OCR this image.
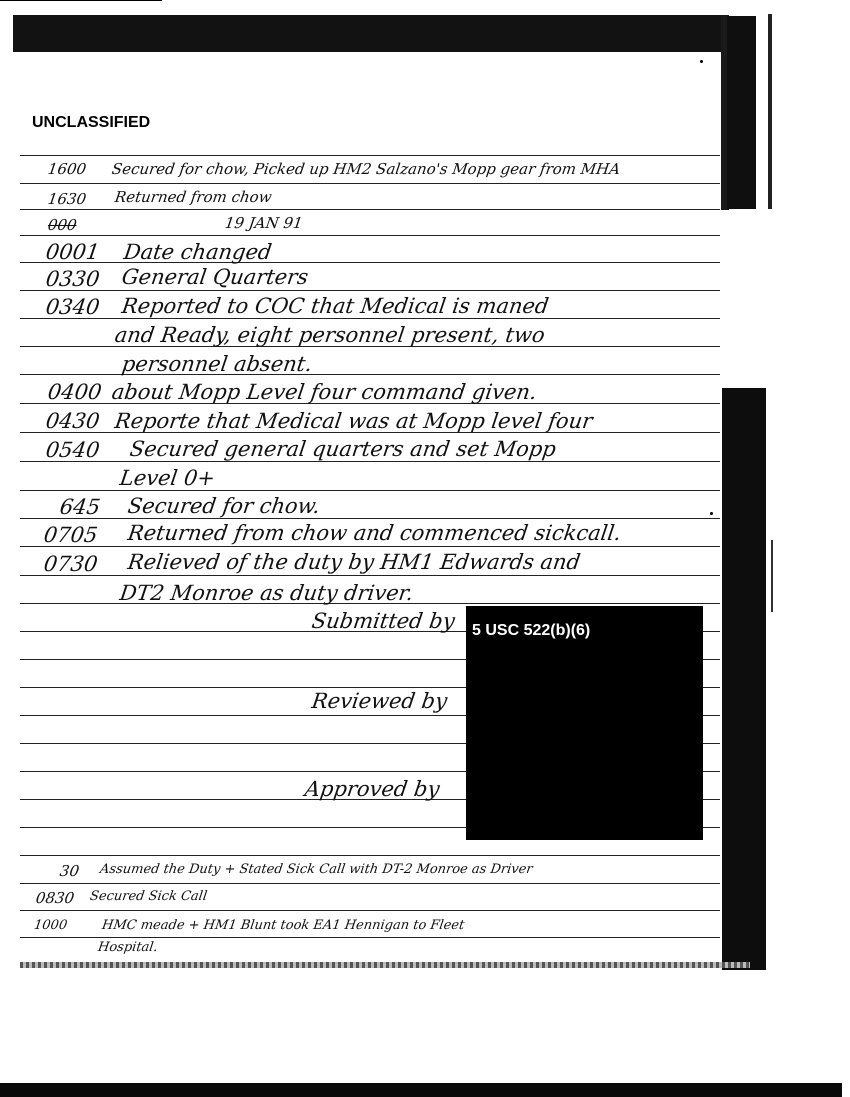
UNCLASSIFIED
1600 Secured for chow, Picked up HM2 Salzano's Mopp gear from MHA
1630 Returned from chow
000	19 JAN 91
0001 Date changed
0330 General Quarters
0340 Reported to COC that Medical is maned
and Ready, eight personnel present, two
personnel absent.
0400 about Mopp Level four command given.
0430 Reporte that Medical was at Mopp level four
0540 Secured general quarters and set Mopp
Level 0+
645 Secured for chow.
0705 Returned from chow and commenced sickcall.
0730 Relieved of the duty by HM1 Edwards and
DT2 Monroe as duty driver.
Submitted by
Reviewed by
Approved by
5 USC 522(b)(6)
30 Assumed the Duty + Stated Sick Call with DT-2 Monroe as Driver
0830 Secured Sick Call
1000	HMC meade + HM1 Blunt took EA1 Hennigan to Fleet
Hospital.
